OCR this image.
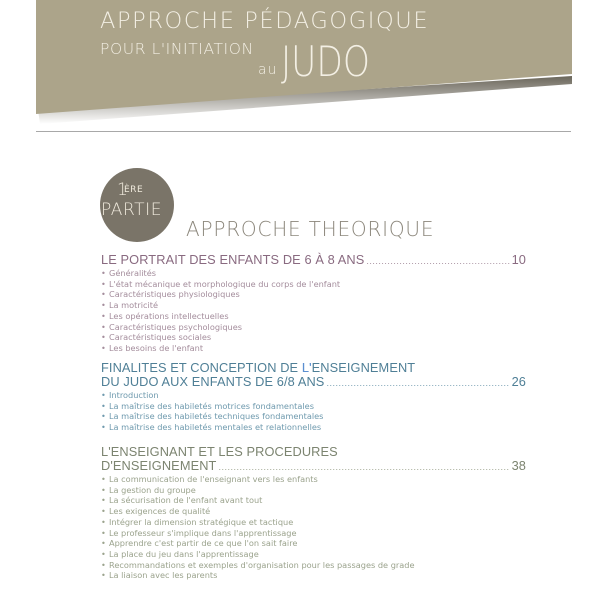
APPROCHE PÉDAGOGIQUE
POUR L'INITIATION
au JUDO
1
ÈRE
PARTIE
APPROCHE THEORIQUE
LE PORTRAIT DES ENFANTS DE 6 À 8 ANS .....	10
• Généralités
• L'état mécanique et morphologique du corps de l'enfant
• Caractéristiques physiologiques
• La motricité
• Les opérations intellectuelles
• Caractéristiques psychologiques
• Caractéristiques sociales
• Les besoins de l'enfant
FINALITES ET CONCEPTION DE L'ENSEIGNEMENT
DU JUDO AUX ENFANTS DE 6/8 ANS .....	26
• Introduction
• La maîtrise des habiletés motrices fondamentales
• La maîtrise des habiletés techniques fondamentales
• La maîtrise des habiletés mentales et relationnelles
L'ENSEIGNANT ET LES PROCEDURES
D'ENSEIGNEMENT .....	38
• La communication de l'enseignant vers les enfants
• La gestion du groupe
• La sécurisation de l'enfant avant tout
• Les exigences de qualité
• Intégrer la dimension stratégique et tactique
• Le professeur s'implique dans l'apprentissage
• Apprendre c'est partir de ce que l'on sait faire
• La place du jeu dans l'apprentissage
• Recommandations et exemples d'organisation pour les passages de grade
• La liaison avec les parents
